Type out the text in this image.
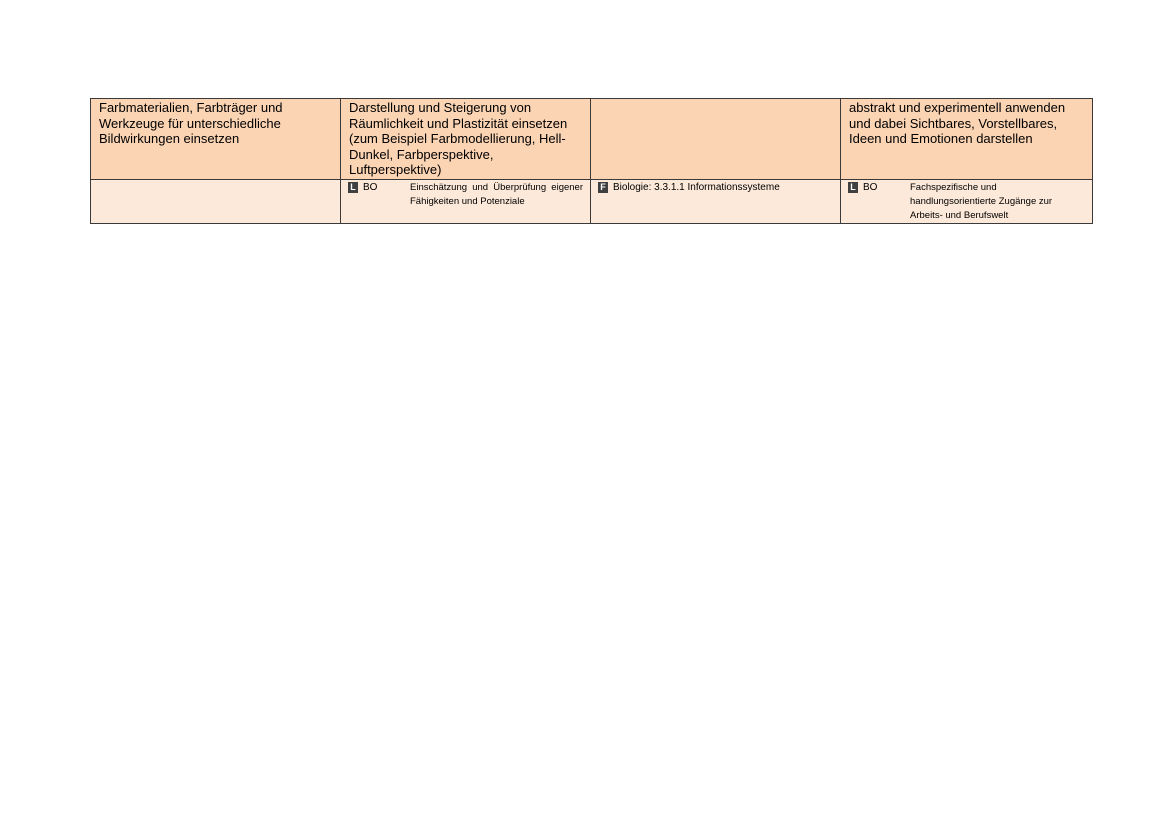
Farbmaterialien, Farbträger und
Werkzeuge für unterschiedliche
Bildwirkungen einsetzen	Darstellung und Steigerung von
Räumlichkeit und Plastizität einsetzen
(zum Beispiel Farbmodellierung, Hell-
Dunkel, Farbperspektive,
Luftperspektive)		abstrakt und experimentell anwenden
und dabei Sichtbares, Vorstellbares,
Ideen und Emotionen darstellen

	L BO Einschätzung und Überprüfung eigener Fähigkeiten und Potenziale	F Biologie: 3.3.1.1 Informationssysteme	L BO Fachspezifische und handlungsorientierte Zugänge zur Arbeits- und Berufswelt
